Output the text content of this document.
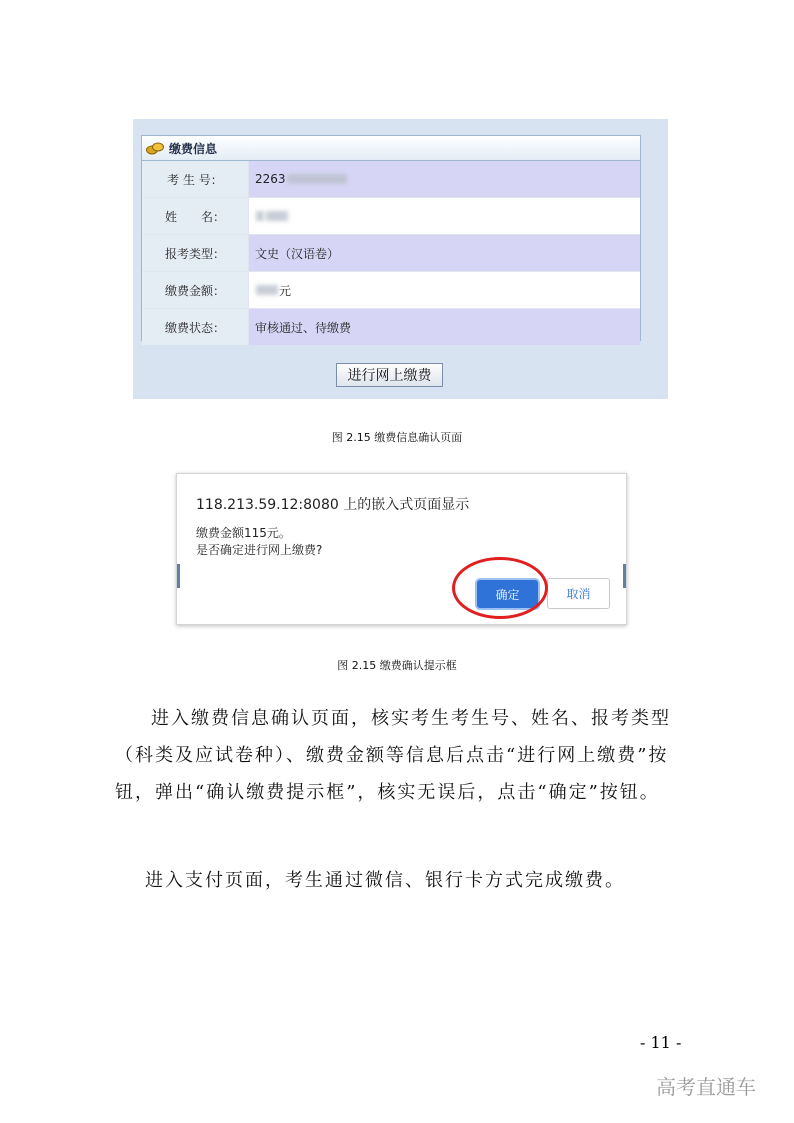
缴费信息
考 生 号：	2263
姓　　名：
报考类型：	文史（汉语卷）
缴费金额：	元
缴费状态：	审核通过、待缴费
进行网上缴费
图 2.15 缴费信息确认页面
118.213.59.12:8080 上的嵌入式页面显示
缴费金额115元。
是否确定进行网上缴费?
确定	取消
图 2.15 缴费确认提示框
进入缴费信息确认页面，核实考生考生号、姓名、报考类型（科类及应试卷种）、缴费金额等信息后点击“进行网上缴费”按钮，弹出“确认缴费提示框”，核实无误后，点击“确定”按钮。
进入支付页面，考生通过微信、银行卡方式完成缴费。
- 11 -
高考直通车
